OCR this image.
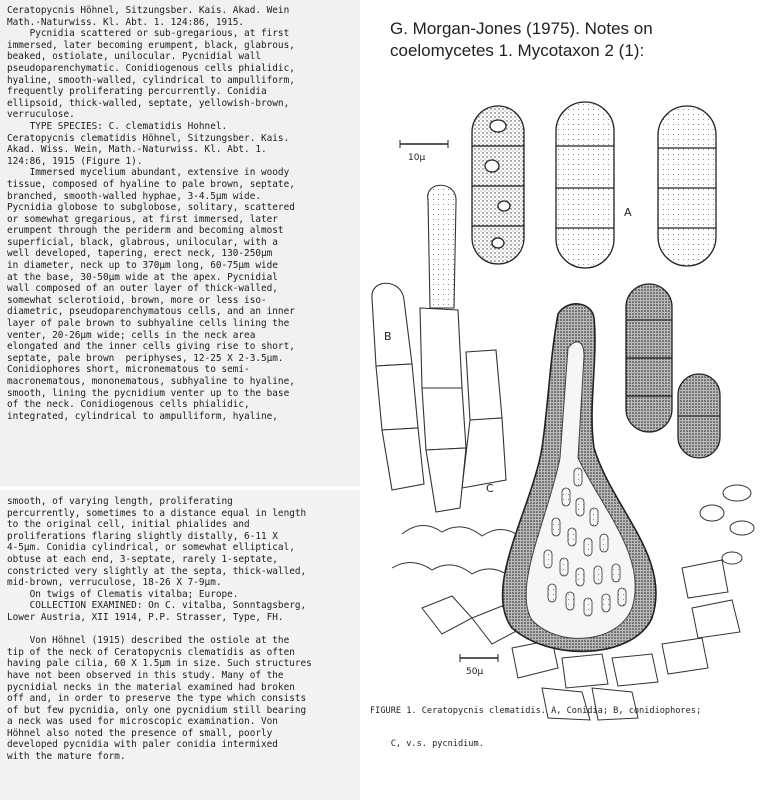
Ceratopycnis Höhnel, Sitzungsber. Kais. Akad. Wein
Math.-Naturwiss. Kl. Abt. 1. 124:86, 1915.
Pycnidia scattered or sub-gregarious, at first
immersed, later becoming erumpent, black, glabrous,
beaked, ostiolate, unilocular. Pycnidial wall
pseudoparenchymatic. Conidiogenous cells phialidic,
hyaline, smooth-walled, cylindrical to ampulliform,
frequently proliferating percurrently. Conidia
ellipsoid, thick-walled, septate, yellowish-brown,
verruculose.
TYPE SPECIES: C. clematidis Hohnel.
Ceratopycnis clematidis Höhnel, Sitzungsber. Kais.
Akad. Wiss. Wein, Math.-Naturwiss. Kl. Abt. 1.
124:86, 1915 (Figure 1).
Immersed mycelium abundant, extensive in woody
tissue, composed of hyaline to pale brown, septate,
branched, smooth-walled hyphae, 3-4.5µm wide.
Pycnidia globose to subglobose, solitary, scattered
or somewhat gregarious, at first immersed, later
erumpent through the periderm and becoming almost
superficial, black, glabrous, unilocular, with a
well developed, tapering, erect neck, 130-250µm
in diameter, neck up to 370µm long, 60-75µm wide
at the base, 30-50µm wide at the apex. Pycnidial
wall composed of an outer layer of thick-walled,
somewhat sclerotioid, brown, more or less iso-
diametric, pseudoparenchymatous cells, and an inner
layer of pale brown to subhyaline cells lining the
venter, 20-26µm wide; cells in the neck area
elongated and the inner cells giving rise to short,
septate, pale brown  periphyses, 12-25 X 2-3.5µm.
Conidiophores short, micronematous to semi-
macronematous, mononematous, subhyaline to hyaline,
smooth, lining the pycnidium venter up to the base
of the neck. Conidiogenous cells phialidic,
integrated, cylindrical to ampulliform, hyaline,
smooth, of varying length, proliferating
percurrently, sometimes to a distance equal in length
to the original cell, initial phialides and
proliferations flaring slightly distally, 6-11 X
4-5µm. Conidia cylindrical, or somewhat elliptical,
obtuse at each end, 3-septate, rarely 1-septate,
constricted very slightly at the septa, thick-walled,
mid-brown, verruculose, 18-26 X 7-9µm.
On twigs of Clematis vitalba; Europe.
COLLECTION EXAMINED: On C. vitalba, Sonntagsberg,
Lower Austria, XII 1914, P.P. Strasser, Type, FH.

Von Höhnel (1915) described the ostiole at the
tip of the neck of Ceratopycnis clematidis as often
having pale cilia, 60 X 1.5µm in size. Such structures
have not been observed in this study. Many of the
pycnidial necks in the material examined had broken
off and, in order to preserve the type which consists
of but few pycnidia, only one pycnidium still bearing
a neck was used for microscopic examination. Von
Höhnel also noted the presence of small, poorly
developed pycnidia with paler conidia intermixed
with the mature form.
G. Morgan-Jones (1975). Notes on
coelomycetes 1. Mycotaxon 2 (1):
10µ
A
B
C
50µ

FIGURE 1. Ceratopycnis clematidis. A, Conidia; B, conidiophores;

C, v.s. pycnidium.
